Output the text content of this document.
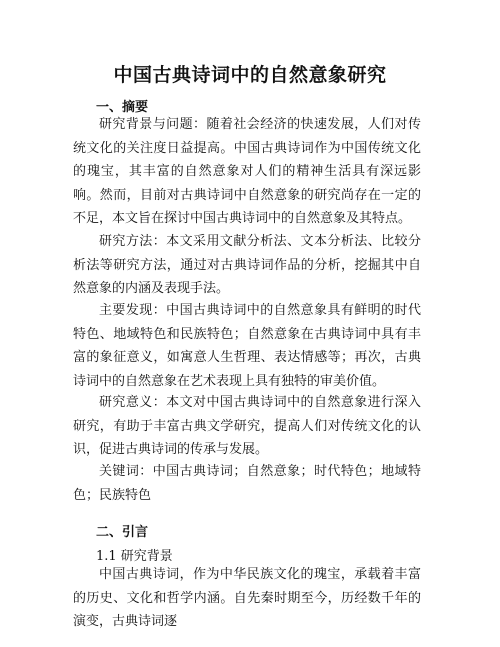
中国古典诗词中的自然意象研究
一、摘要
研究背景与问题：随着社会经济的快速发展，人们对传统文化的关注度日益提高。中国古典诗词作为中国传统文化的瑰宝，其丰富的自然意象对人们的精神生活具有深远影响。然而，目前对古典诗词中自然意象的研究尚存在一定的不足，本文旨在探讨中国古典诗词中的自然意象及其特点。
研究方法：本文采用文献分析法、文本分析法、比较分析法等研究方法，通过对古典诗词作品的分析，挖掘其中自然意象的内涵及表现手法。
主要发现：中国古典诗词中的自然意象具有鲜明的时代特色、地域特色和民族特色；自然意象在古典诗词中具有丰富的象征意义，如寓意人生哲理、表达情感等；再次，古典诗词中的自然意象在艺术表现上具有独特的审美价值。
研究意义：本文对中国古典诗词中的自然意象进行深入研究，有助于丰富古典文学研究，提高人们对传统文化的认识，促进古典诗词的传承与发展。
关键词：中国古典诗词；自然意象；时代特色；地域特色；民族特色
二、引言
1.1 研究背景
中国古典诗词，作为中华民族文化的瑰宝，承载着丰富的历史、文化和哲学内涵。自先秦时期至今，历经数千年的演变，古典诗词逐
